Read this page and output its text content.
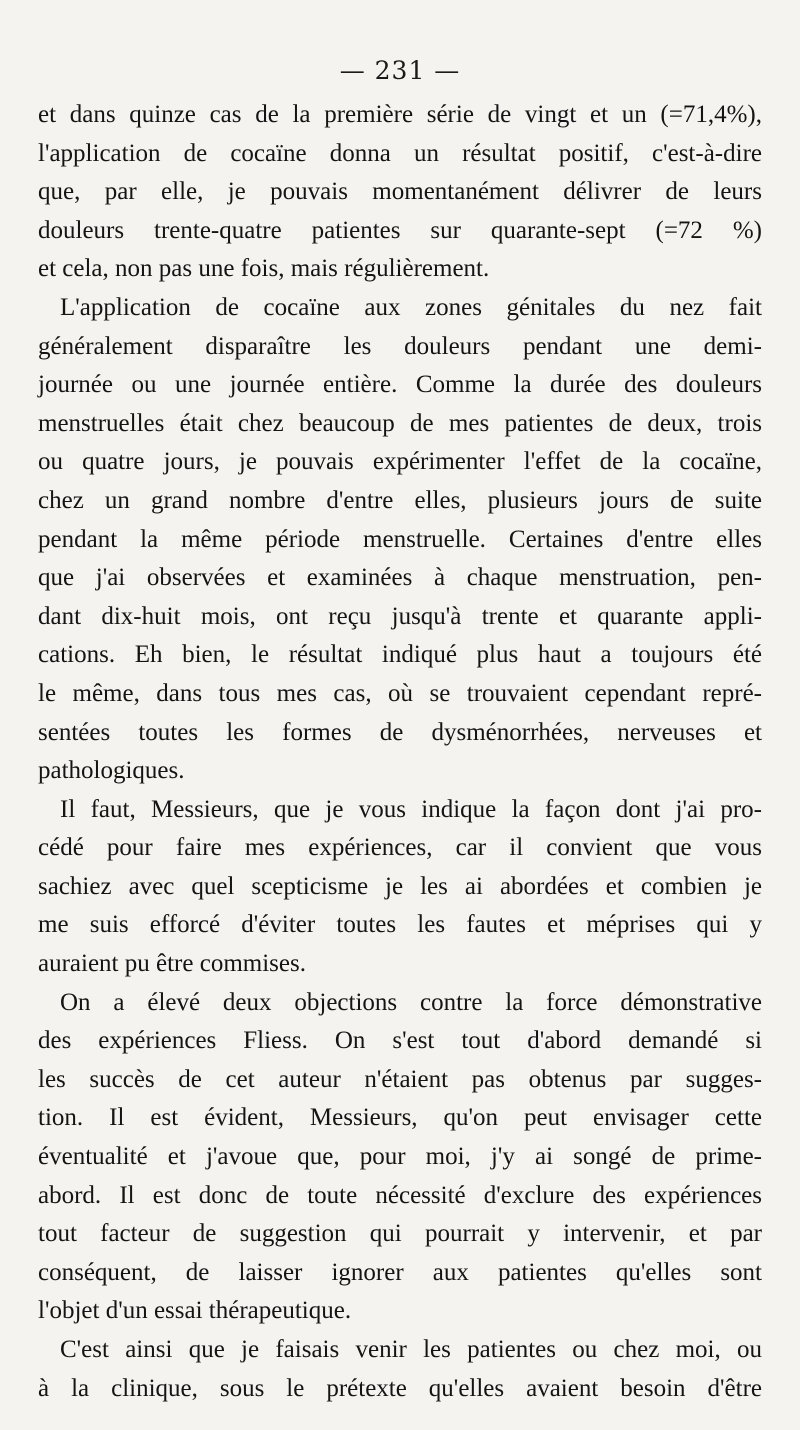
— 231 —
et dans quinze cas de la première série de vingt et un (=71,4%),
l'application de cocaïne donna un résultat positif, c'est-à-dire
que, par elle, je pouvais momentanément délivrer de leurs
douleurs trente-quatre patientes sur quarante-sept (=72 %)
et cela, non pas une fois, mais régulièrement.
L'application de cocaïne aux zones génitales du nez fait
généralement disparaître les douleurs pendant une demi-
journée ou une journée entière. Comme la durée des douleurs
menstruelles était chez beaucoup de mes patientes de deux, trois
ou quatre jours, je pouvais expérimenter l'effet de la cocaïne,
chez un grand nombre d'entre elles, plusieurs jours de suite
pendant la même période menstruelle. Certaines d'entre elles
que j'ai observées et examinées à chaque menstruation, pen-
dant dix-huit mois, ont reçu jusqu'à trente et quarante appli-
cations. Eh bien, le résultat indiqué plus haut a toujours été
le même, dans tous mes cas, où se trouvaient cependant repré-
sentées toutes les formes de dysménorrhées, nerveuses et
pathologiques.
Il faut, Messieurs, que je vous indique la façon dont j'ai pro-
cédé pour faire mes expériences, car il convient que vous
sachiez avec quel scepticisme je les ai abordées et combien je
me suis efforcé d'éviter toutes les fautes et méprises qui y
auraient pu être commises.
On a élevé deux objections contre la force démonstrative
des expériences Fliess. On s'est tout d'abord demandé si
les succès de cet auteur n'étaient pas obtenus par sugges-
tion. Il est évident, Messieurs, qu'on peut envisager cette
éventualité et j'avoue que, pour moi, j'y ai songé de prime-
abord. Il est donc de toute nécessité d'exclure des expériences
tout facteur de suggestion qui pourrait y intervenir, et par
conséquent, de laisser ignorer aux patientes qu'elles sont
l'objet d'un essai thérapeutique.
C'est ainsi que je faisais venir les patientes ou chez moi, ou
à la clinique, sous le prétexte qu'elles avaient besoin d'être
